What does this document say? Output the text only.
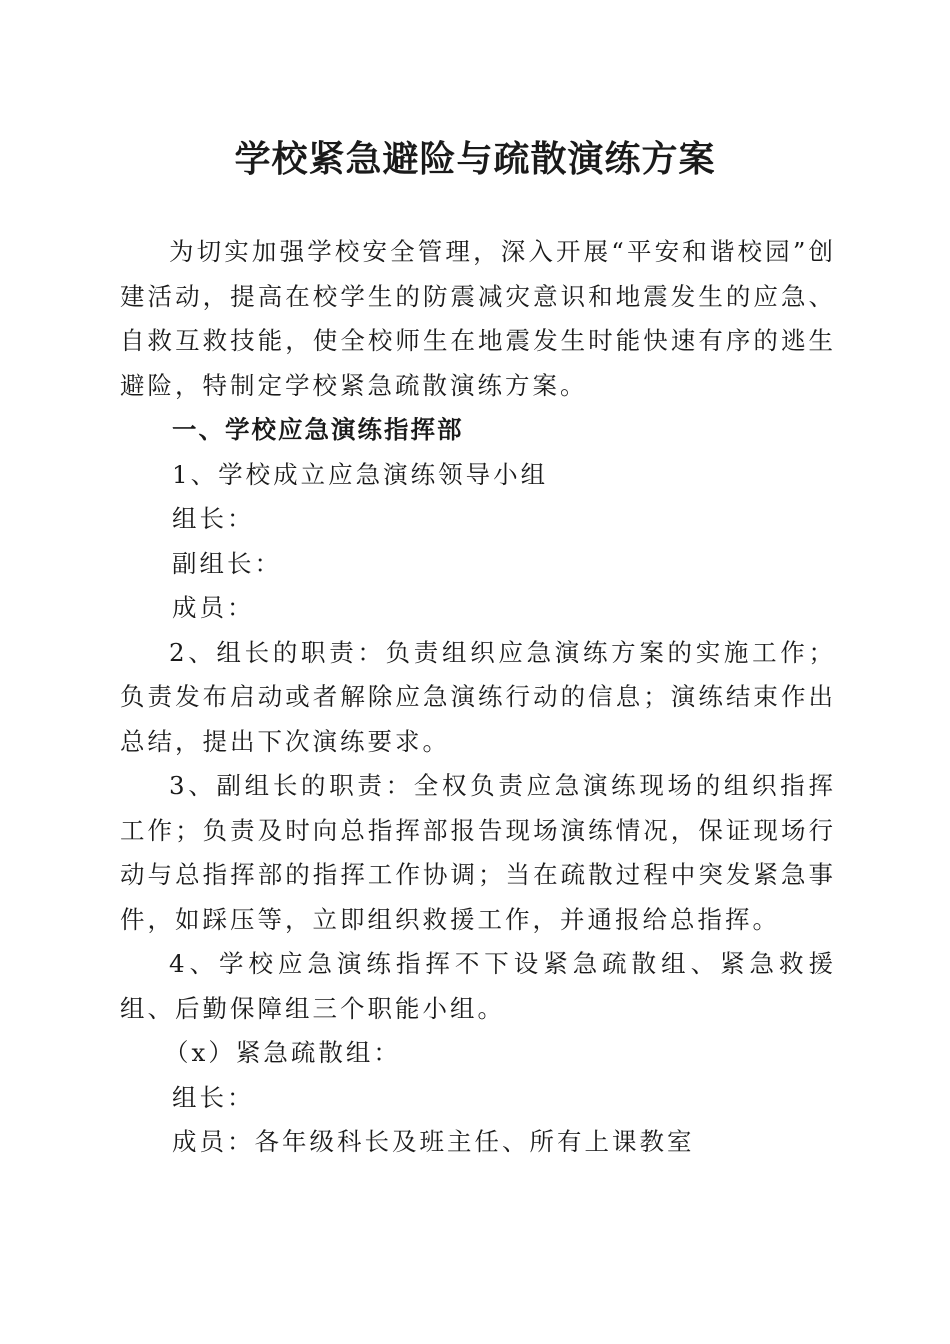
学校紧急避险与疏散演练方案

为切实加强学校安全管理，深入开展“平安和谐校园”创建活动，提高在校学生的防震减灾意识和地震发生的应急、自救互救技能，使全校师生在地震发生时能快速有序的逃生避险，特制定学校紧急疏散演练方案。

一、学校应急演练指挥部

1、学校成立应急演练领导小组

组长：

副组长：

成员：

2、组长的职责：负责组织应急演练方案的实施工作；负责发布启动或者解除应急演练行动的信息；演练结束作出总结，提出下次演练要求。

3、副组长的职责：全权负责应急演练现场的组织指挥工作；负责及时向总指挥部报告现场演练情况，保证现场行动与总指挥部的指挥工作协调；当在疏散过程中突发紧急事件，如踩压等，立即组织救援工作，并通报给总指挥。

4、学校应急演练指挥不下设紧急疏散组、紧急救援组、后勤保障组三个职能小组。

（x）紧急疏散组：

组长：

成员：各年级科长及班主任、所有上课教室
